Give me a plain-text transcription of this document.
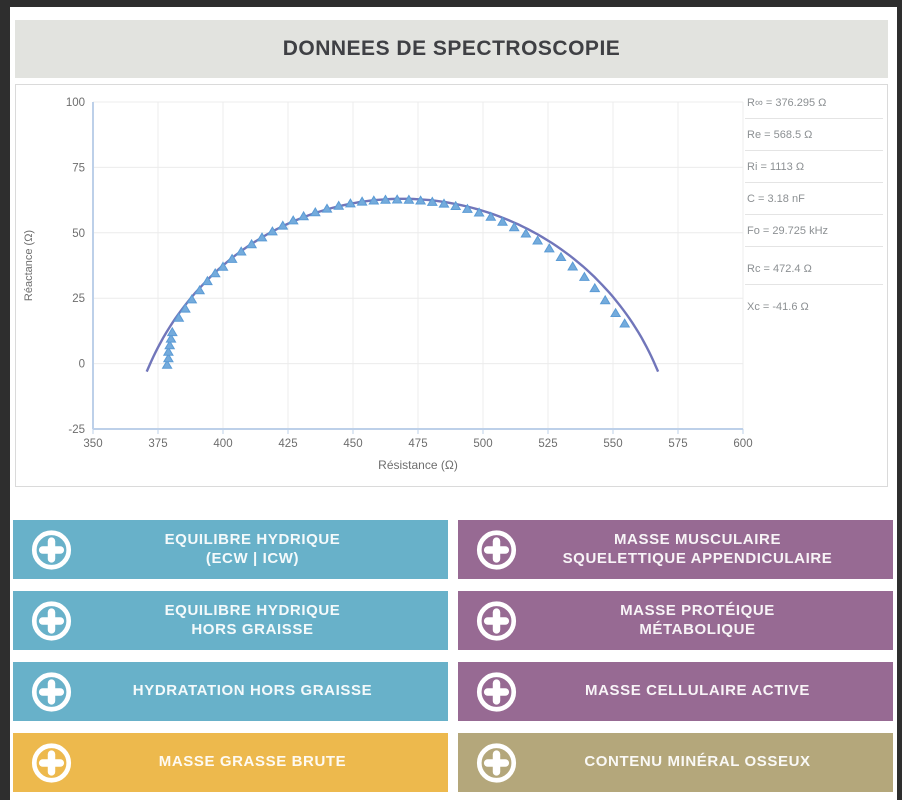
DONNEES DE SPECTROSCOPIE
350	375	400	425	450	475	500	525	550	575	600
-25
0
25
50
75
100
Résistance (Ω)
Réactance (Ω)
R∞ = 376.295 Ω
Re = 568.5 Ω
Ri = 1113 Ω
C = 3.18 nF
Fo = 29.725 kHz
Rc = 472.4 Ω
Xc = -41.6 Ω
EQUILIBRE HYDRIQUE
(ECW | ICW)
MASSE MUSCULAIRE
SQUELETTIQUE APPENDICULAIRE
EQUILIBRE HYDRIQUE
HORS GRAISSE
MASSE PROTÉIQUE
MÉTABOLIQUE
HYDRATATION HORS GRAISSE	MASSE CELLULAIRE ACTIVE
MASSE GRASSE BRUTE	CONTENU MINÉRAL OSSEUX
